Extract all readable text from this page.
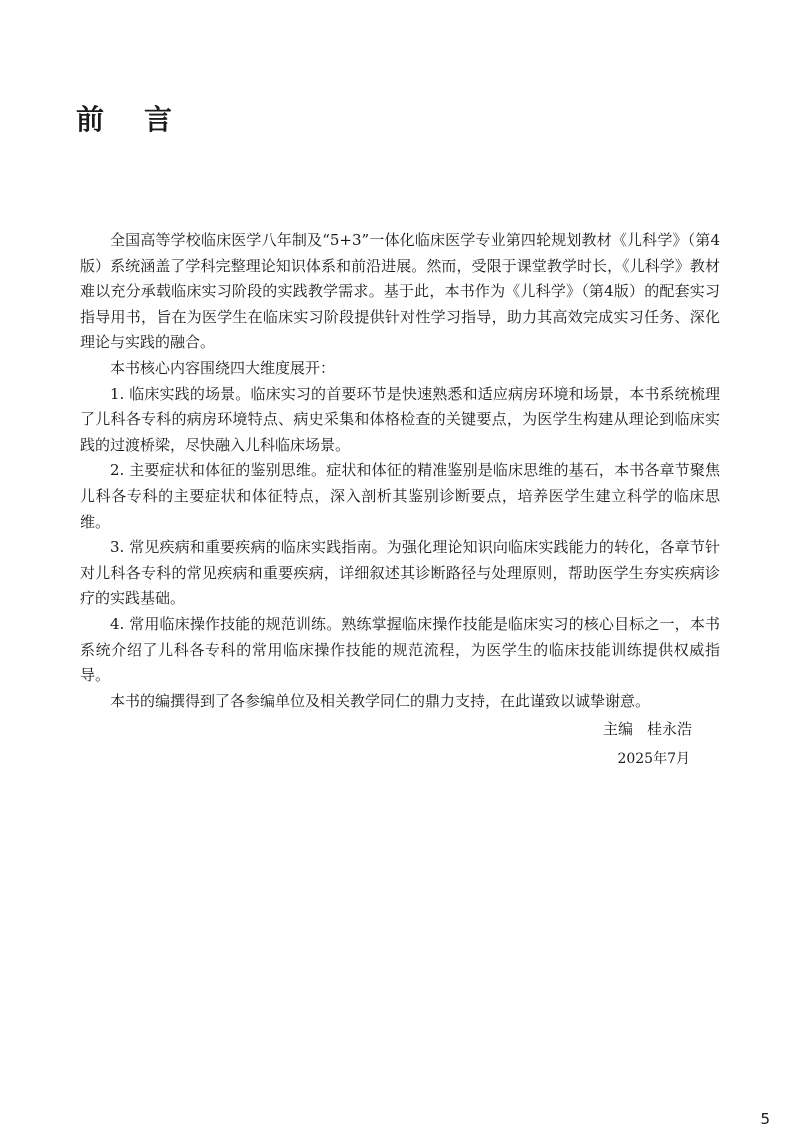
前言

全国高等学校临床医学八年制及“5+3”一体化临床医学专业第四轮规划教材《儿科学》（第4版）系统涵盖了学科完整理论知识体系和前沿进展。然而，受限于课堂教学时长，《儿科学》教材难以充分承载临床实习阶段的实践教学需求。基于此，本书作为《儿科学》（第4版）的配套实习指导用书，旨在为医学生在临床实习阶段提供针对性学习指导，助力其高效完成实习任务、深化理论与实践的融合。

本书核心内容围绕四大维度展开：

1. 临床实践的场景。临床实习的首要环节是快速熟悉和适应病房环境和场景，本书系统梳理了儿科各专科的病房环境特点、病史采集和体格检查的关键要点，为医学生构建从理论到临床实践的过渡桥梁，尽快融入儿科临床场景。

2. 主要症状和体征的鉴别思维。症状和体征的精准鉴别是临床思维的基石，本书各章节聚焦儿科各专科的主要症状和体征特点，深入剖析其鉴别诊断要点，培养医学生建立科学的临床思维。

3. 常见疾病和重要疾病的临床实践指南。为强化理论知识向临床实践能力的转化，各章节针对儿科各专科的常见疾病和重要疾病，详细叙述其诊断路径与处理原则，帮助医学生夯实疾病诊疗的实践基础。

4. 常用临床操作技能的规范训练。熟练掌握临床操作技能是临床实习的核心目标之一，本书系统介绍了儿科各专科的常用临床操作技能的规范流程，为医学生的临床技能训练提供权威指导。

本书的编撰得到了各参编单位及相关教学同仁的鼎力支持，在此谨致以诚挚谢意。

主编 桂永浩
2025年7月
5
